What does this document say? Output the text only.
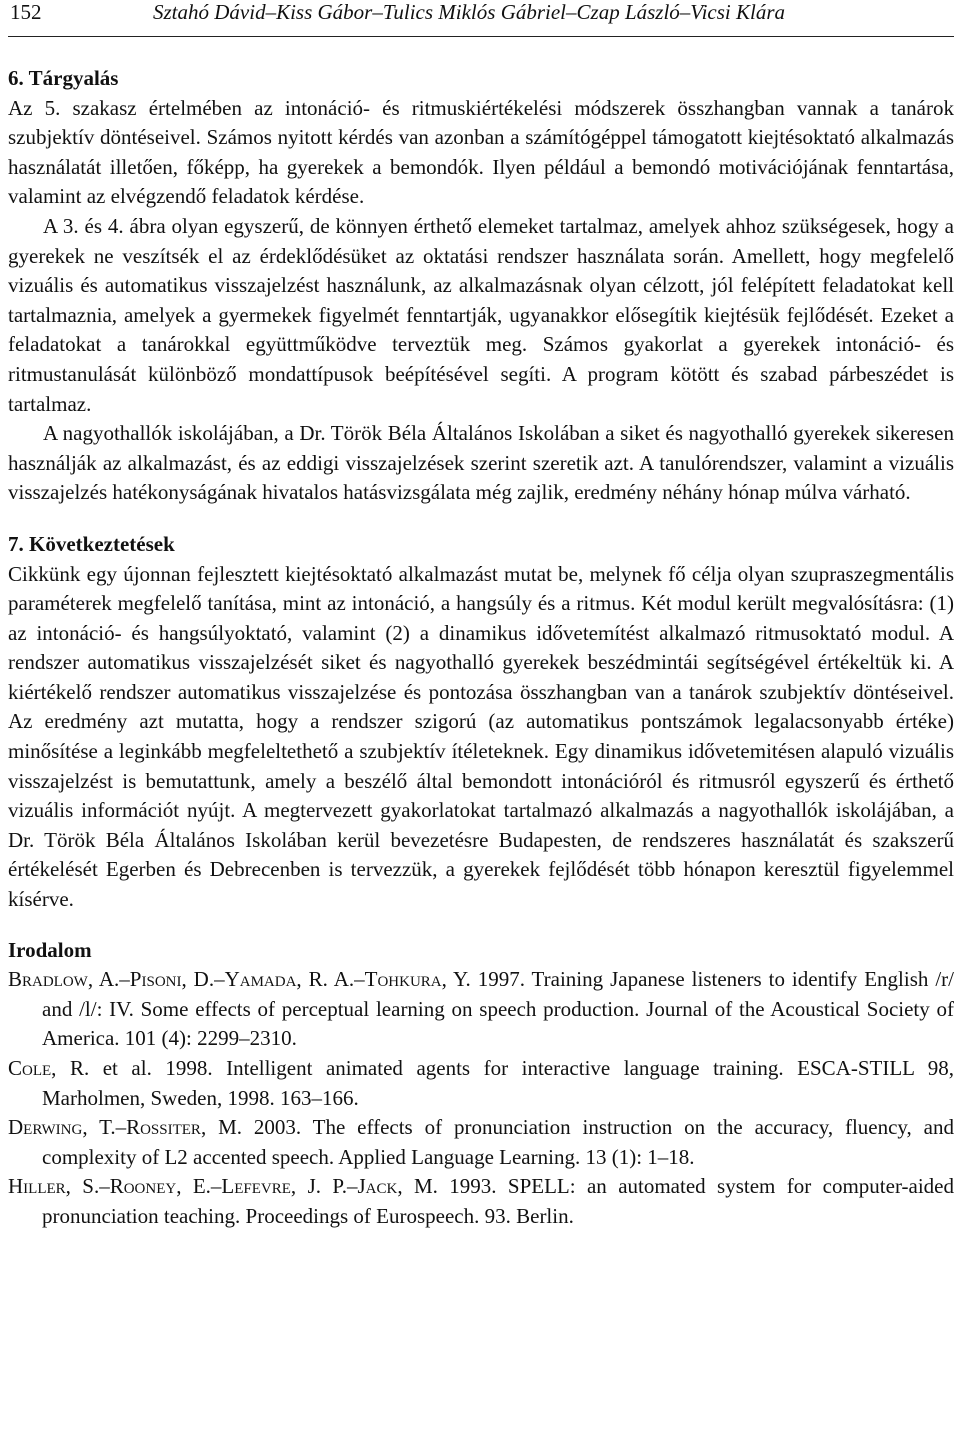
152	Sztahó Dávid–Kiss Gábor–Tulics Miklós Gábriel–Czap László–Vicsi Klára
6. Tárgyalás

Az 5. szakasz értelmében az intonáció- és ritmuskiértékelési módszerek összhangban vannak a tanárok szubjektív döntéseivel. Számos nyitott kérdés van azonban a számítógéppel támogatott kiejtésoktató alkalmazás használatát illetően, főképp, ha gyerekek a bemondók. Ilyen például a bemondó motivációjának fenntartása, valamint az elvégzendő feladatok kérdése.

A 3. és 4. ábra olyan egyszerű, de könnyen érthető elemeket tartalmaz, amelyek ahhoz szükségesek, hogy a gyerekek ne veszítsék el az érdeklődésüket az oktatási rendszer használata során. Amellett, hogy megfelelő vizuális és automatikus visszajelzést használunk, az alkalmazásnak olyan célzott, jól felépített feladatokat kell tartalmaznia, amelyek a gyermekek figyelmét fenntartják, ugyanakkor elősegítik kiejtésük fejlődését. Ezeket a feladatokat a tanárokkal együttműködve terveztük meg. Számos gyakorlat a gyerekek intonáció- és ritmustanulását különböző mondattípusok beépítésével segíti. A program kötött és szabad párbeszédet is tartalmaz.

A nagyothallók iskolájában, a Dr. Török Béla Általános Iskolában a siket és nagyothalló gyerekek sikeresen használják az alkalmazást, és az eddigi visszajelzések szerint szeretik azt. A tanulórendszer, valamint a vizuális visszajelzés hatékonyságának hivatalos hatásvizsgálata még zajlik, eredmény néhány hónap múlva várható.

7. Következtetések

Cikkünk egy újonnan fejlesztett kiejtésoktató alkalmazást mutat be, melynek fő célja olyan szupraszegmentális paraméterek megfelelő tanítása, mint az intonáció, a hangsúly és a ritmus. Két modul került megvalósításra: (1) az intonáció- és hangsúlyoktató, valamint (2) a dinamikus idővetemítést alkalmazó ritmusoktató modul. A rendszer automatikus visszajelzését siket és nagyothalló gyerekek beszédmintái segítségével értékeltük ki. A kiértékelő rendszer automatikus visszajelzése és pontozása összhangban van a tanárok szubjektív döntéseivel. Az eredmény azt mutatta, hogy a rendszer szigorú (az automatikus pontszámok legalacsonyabb értéke) minősítése a leginkább megfeleltethető a szubjektív ítéleteknek. Egy dinamikus idővetemitésen alapuló vizuális visszajelzést is bemutattunk, amely a beszélő által bemondott intonációról és ritmusról egyszerű és érthető vizuális információt nyújt. A megtervezett gyakorlatokat tartalmazó alkalmazás a nagyothallók iskolájában, a Dr. Török Béla Általános Iskolában kerül bevezetésre Budapesten, de rendszeres használatát és szakszerű értékelését Egerben és Debrecenben is tervezzük, a gyerekek fejlődését több hónapon keresztül figyelemmel kísérve.

Irodalom

Bradlow, A.–Pisoni, D.–Yamada, R. A.–Tohkura, Y. 1997. Training Japanese listeners to identify English /r/ and /l/: IV. Some effects of perceptual learning on speech production. Journal of the Acoustical Society of America. 101 (4): 2299–2310.

Cole, R. et al. 1998. Intelligent animated agents for interactive language training. ESCA-STILL 98, Marholmen, Sweden, 1998. 163–166.

Derwing, T.–Rossiter, M. 2003. The effects of pronunciation instruction on the accuracy, fluency, and complexity of L2 accented speech. Applied Language Learning. 13 (1): 1–18.

Hiller, S.–Rooney, E.–Lefevre, J. P.–Jack, M. 1993. SPELL: an automated system for computer-aided pronunciation teaching. Proceedings of Eurospeech. 93. Berlin.
